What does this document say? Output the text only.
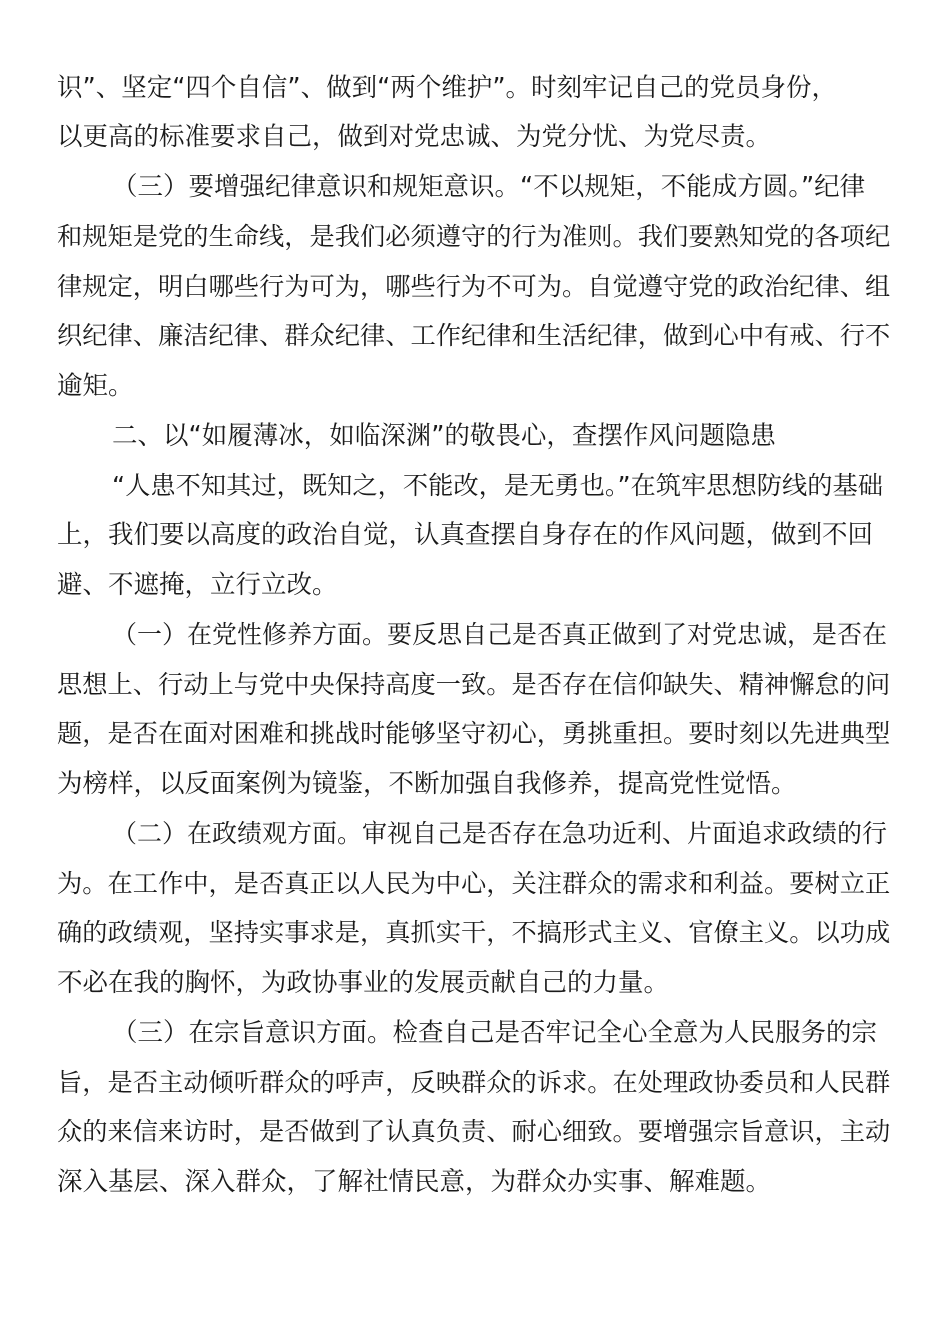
识”、坚定“四个自信”、做到“两个维护”。时刻牢记自己的党员身份，

以更高的标准要求自己，做到对党忠诚、为党分忧、为党尽责。

（三）要增强纪律意识和规矩意识。“不以规矩，不能成方圆。”纪律

和规矩是党的生命线，是我们必须遵守的行为准则。我们要熟知党的各项纪

律规定，明白哪些行为可为，哪些行为不可为。自觉遵守党的政治纪律、组

织纪律、廉洁纪律、群众纪律、工作纪律和生活纪律，做到心中有戒、行不

逾矩。

二、以“如履薄冰，如临深渊”的敬畏心，查摆作风问题隐患

“人患不知其过，既知之，不能改，是无勇也。”在筑牢思想防线的基础

上，我们要以高度的政治自觉，认真查摆自身存在的作风问题，做到不回

避、不遮掩，立行立改。

（一）在党性修养方面。要反思自己是否真正做到了对党忠诚，是否在

思想上、行动上与党中央保持高度一致。是否存在信仰缺失、精神懈怠的问

题，是否在面对困难和挑战时能够坚守初心，勇挑重担。要时刻以先进典型

为榜样，以反面案例为镜鉴，不断加强自我修养，提高党性觉悟。

（二）在政绩观方面。审视自己是否存在急功近利、片面追求政绩的行

为。在工作中，是否真正以人民为中心，关注群众的需求和利益。要树立正

确的政绩观，坚持实事求是，真抓实干，不搞形式主义、官僚主义。以功成

不必在我的胸怀，为政协事业的发展贡献自己的力量。

（三）在宗旨意识方面。检查自己是否牢记全心全意为人民服务的宗

旨，是否主动倾听群众的呼声，反映群众的诉求。在处理政协委员和人民群

众的来信来访时，是否做到了认真负责、耐心细致。要增强宗旨意识，主动

深入基层、深入群众，了解社情民意，为群众办实事、解难题。
